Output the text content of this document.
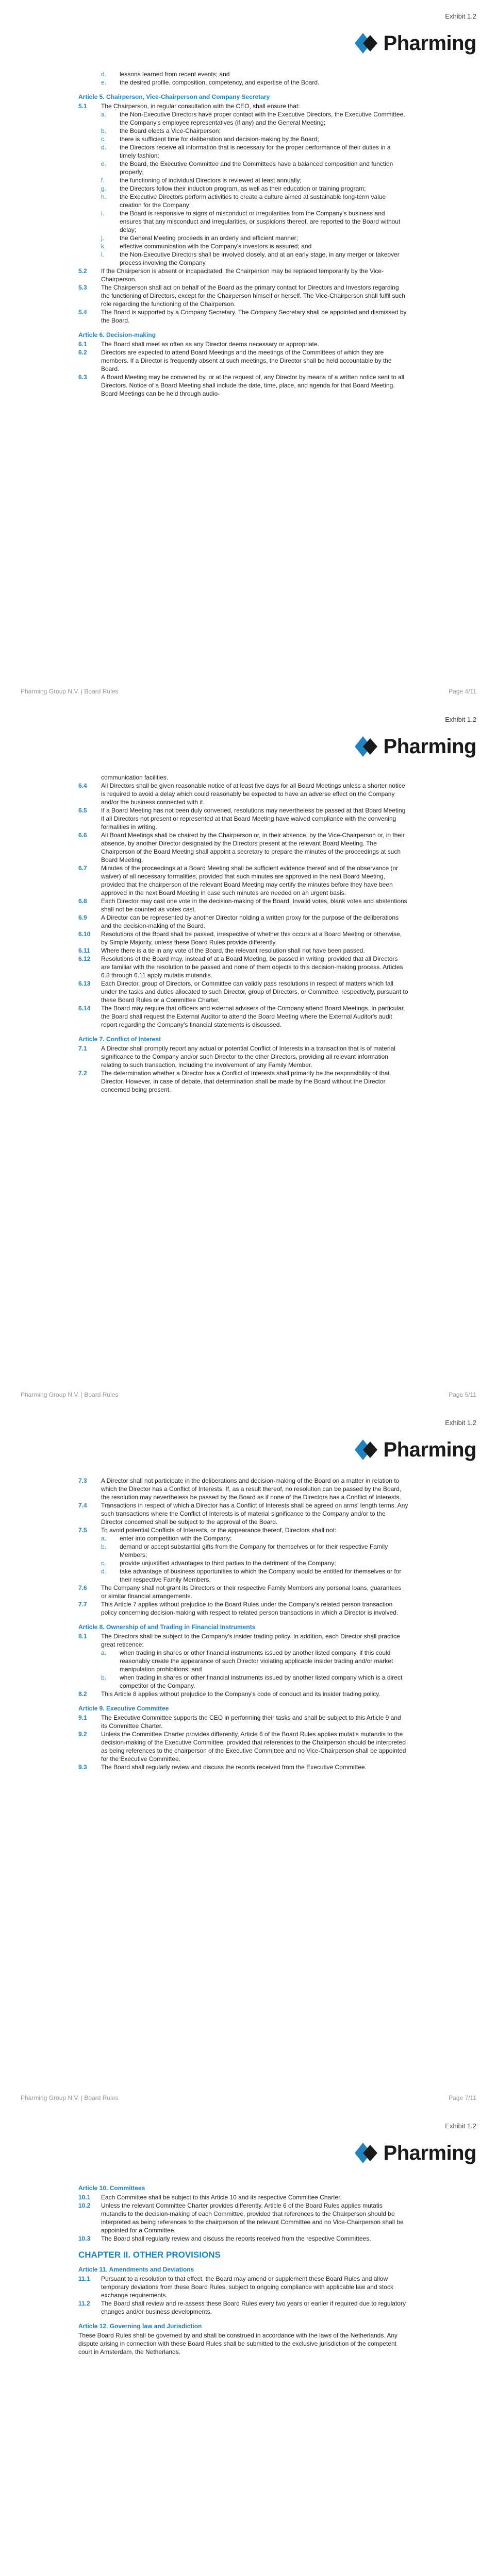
Exhibit 1.2
Pharming
d.	lessons learned from recent events; and
e.	the desired profile, composition, competency, and expertise of the Board.
Article 5. Chairperson, Vice-Chairperson and Company Secretary
5.1	The Chairperson, in regular consultation with the CEO, shall ensure that:
a.	the Non-Executive Directors have proper contact with the Executive Directors, the Executive Committee, the Company's employee representatives (if any) and the General Meeting;
b.	the Board elects a Vice-Chairperson;
c.	there is sufficient time for deliberation and decision-making by the Board;
d.	the Directors receive all information that is necessary for the proper performance of their duties in a timely fashion;
e.	the Board, the Executive Committee and the Committees have a balanced composition and function properly;
f.	the functioning of individual Directors is reviewed at least annually;
g.	the Directors follow their induction program, as well as their education or training program;
h.	the Executive Directors perform activities to create a culture aimed at sustainable long-term value creation for the Company;
i.	the Board is responsive to signs of misconduct or irregularities from the Company's business and ensures that any misconduct and irregularities, or suspicions thereof, are reported to the Board without delay;
j.	the General Meeting proceeds in an orderly and efficient manner;
k.	effective communication with the Company's investors is assured; and
l.	the Non-Executive Directors shall be involved closely, and at an early stage, in any merger or takeover process involving the Company.
5.2	If the Chairperson is absent or incapacitated, the Chairperson may be replaced temporarily by the Vice-Chairperson.
5.3	The Chairperson shall act on behalf of the Board as the primary contact for Directors and Investors regarding the functioning of Directors, except for the Chairperson himself or herself. The Vice-Chairperson shall fulfil such role regarding the functioning of the Chairperson.
5.4	The Board is supported by a Company Secretary. The Company Secretary shall be appointed and dismissed by the Board.
Article 6. Decision-making
6.1	The Board shall meet as often as any Director deems necessary or appropriate.
6.2	Directors are expected to attend Board Meetings and the meetings of the Committees of which they are members. If a Director is frequently absent at such meetings, the Director shall be held accountable by the Board.
6.3	A Board Meeting may be convened by, or at the request of, any Director by means of a written notice sent to all Directors. Notice of a Board Meeting shall include the date, time, place, and agenda for that Board Meeting. Board Meetings can be held through audio-
Pharming Group N.V. | Board Rules	Page 4/11
Exhibit 1.2
Pharming
communication facilities.
6.4	All Directors shall be given reasonable notice of at least five days for all Board Meetings unless a shorter notice is required to avoid a delay which could reasonably be expected to have an adverse effect on the Company and/or the business connected with it.
6.5	If a Board Meeting has not been duly convened, resolutions may nevertheless be passed at that Board Meeting if all Directors not present or represented at that Board Meeting have waived compliance with the convening formalities in writing.
6.6	All Board Meetings shall be chaired by the Chairperson or, in their absence, by the Vice-Chairperson or, in their absence, by another Director designated by the Directors present at the relevant Board Meeting. The Chairperson of the Board Meeting shall appoint a secretary to prepare the minutes of the proceedings at such Board Meeting.
6.7	Minutes of the proceedings at a Board Meeting shall be sufficient evidence thereof and of the observance (or waiver) of all necessary formalities, provided that such minutes are approved in the next Board Meeting, provided that the chairperson of the relevant Board Meeting may certify the minutes before they have been approved in the next Board Meeting in case such minutes are needed on an urgent basis.
6.8	Each Director may cast one vote in the decision-making of the Board. Invalid votes, blank votes and abstentions shall not be counted as votes cast.
6.9	A Director can be represented by another Director holding a written proxy for the purpose of the deliberations and the decision-making of the Board.
6.10	Resolutions of the Board shall be passed, irrespective of whether this occurs at a Board Meeting or otherwise, by Simple Majority, unless these Board Rules provide differently.
6.11	Where there is a tie in any vote of the Board, the relevant resolution shall not have been passed.
6.12	Resolutions of the Board may, instead of at a Board Meeting, be passed in writing, provided that all Directors are familiar with the resolution to be passed and none of them objects to this decision-making process. Articles 6.8 through 6.11 apply mutatis mutandis.
6.13	Each Director, group of Directors, or Committee can validly pass resolutions in respect of matters which fall under the tasks and duties allocated to such Director, group of Directors, or Committee, respectively, pursuant to these Board Rules or a Committee Charter.
6.14	The Board may require that officers and external advisers of the Company attend Board Meetings. In particular, the Board shall request the External Auditor to attend the Board Meeting where the External Auditor's audit report regarding the Company's financial statements is discussed.
Article 7. Conflict of Interest
7.1	A Director shall promptly report any actual or potential Conflict of Interests in a transaction that is of material significance to the Company and/or such Director to the other Directors, providing all relevant information relating to such transaction, including the involvement of any Family Member.
7.2	The determination whether a Director has a Conflict of Interests shall primarily be the responsibility of that Director. However, in case of debate, that determination shall be made by the Board without the Director concerned being present.
Pharming Group N.V. | Board Rules	Page 5/11
Exhibit 1.2
Pharming
7.3	A Director shall not participate in the deliberations and decision-making of the Board on a matter in relation to which the Director has a Conflict of Interests. If, as a result thereof, no resolution can be passed by the Board, the resolution may nevertheless be passed by the Board as if none of the Directors has a Conflict of Interests.
7.4	Transactions in respect of which a Director has a Conflict of Interests shall be agreed on arms' length terms. Any such transactions where the Conflict of Interests is of material significance to the Company and/or to the Director concerned shall be subject to the approval of the Board.
7.5	To avoid potential Conflicts of Interests, or the appearance thereof, Directors shall not:
a.	enter into competition with the Company;
b.	demand or accept substantial gifts from the Company for themselves or for their respective Family Members;
c.	provide unjustified advantages to third parties to the detriment of the Company;
d.	take advantage of business opportunities to which the Company would be entitled for themselves or for their respective Family Members.
7.6	The Company shall not grant its Directors or their respective Family Members any personal loans, guarantees or similar financial arrangements.
7.7	This Article 7 applies without prejudice to the Board Rules under the Company's related person transaction policy concerning decision-making with respect to related person transactions in which a Director is involved.
Article 8. Ownership of and Trading in Financial Instruments
8.1	The Directors shall be subject to the Company's insider trading policy. In addition, each Director shall practice great reticence:
a.	when trading in shares or other financial instruments issued by another listed company, if this could reasonably create the appearance of such Director violating applicable insider trading and/or market manipulation prohibitions; and
b.	when trading in shares or other financial instruments issued by another listed company which is a direct competitor of the Company.
8.2	This Article 8 applies without prejudice to the Company's code of conduct and its insider trading policy.
Article 9. Executive Committee
9.1	The Executive Committee supports the CEO in performing their tasks and shall be subject to this Article 9 and its Committee Charter.
9.2	Unless the Committee Charter provides differently, Article 6 of the Board Rules applies mutatis mutandis to the decision-making of the Executive Committee, provided that references to the Chairperson should be interpreted as being references to the chairperson of the Executive Committee and no Vice-Chairperson shall be appointed for the Executive Committee.
9.3	The Board shall regularly review and discuss the reports received from the Executive Committee.
Pharming Group N.V. | Board Rules	Page 7/11
Exhibit 1.2
Pharming
Article 10. Committees
10.1	Each Committee shall be subject to this Article 10 and its respective Committee Charter.
10.2	Unless the relevant Committee Charter provides differently, Article 6 of the Board Rules applies mutatis mutandis to the decision-making of each Committee, provided that references to the Chairperson should be interpreted as being references to the chairperson of the relevant Committee and no Vice-Chairperson shall be appointed for a Committee.
10.3	The Board shall regularly review and discuss the reports received from the respective Committees.
CHAPTER II. OTHER PROVISIONS
Article 11. Amendments and Deviations
11.1	Pursuant to a resolution to that effect, the Board may amend or supplement these Board Rules and allow temporary deviations from these Board Rules, subject to ongoing compliance with applicable law and stock exchange requirements.
11.2	The Board shall review and re-assess these Board Rules every two years or earlier if required due to regulatory changes and/or business developments.
Article 12. Governing law and Jurisdiction
These Board Rules shall be governed by and shall be construed in accordance with the laws of the Netherlands. Any dispute arising in connection with these Board Rules shall be submitted to the exclusive jurisdiction of the competent court in Amsterdam, the Netherlands.
